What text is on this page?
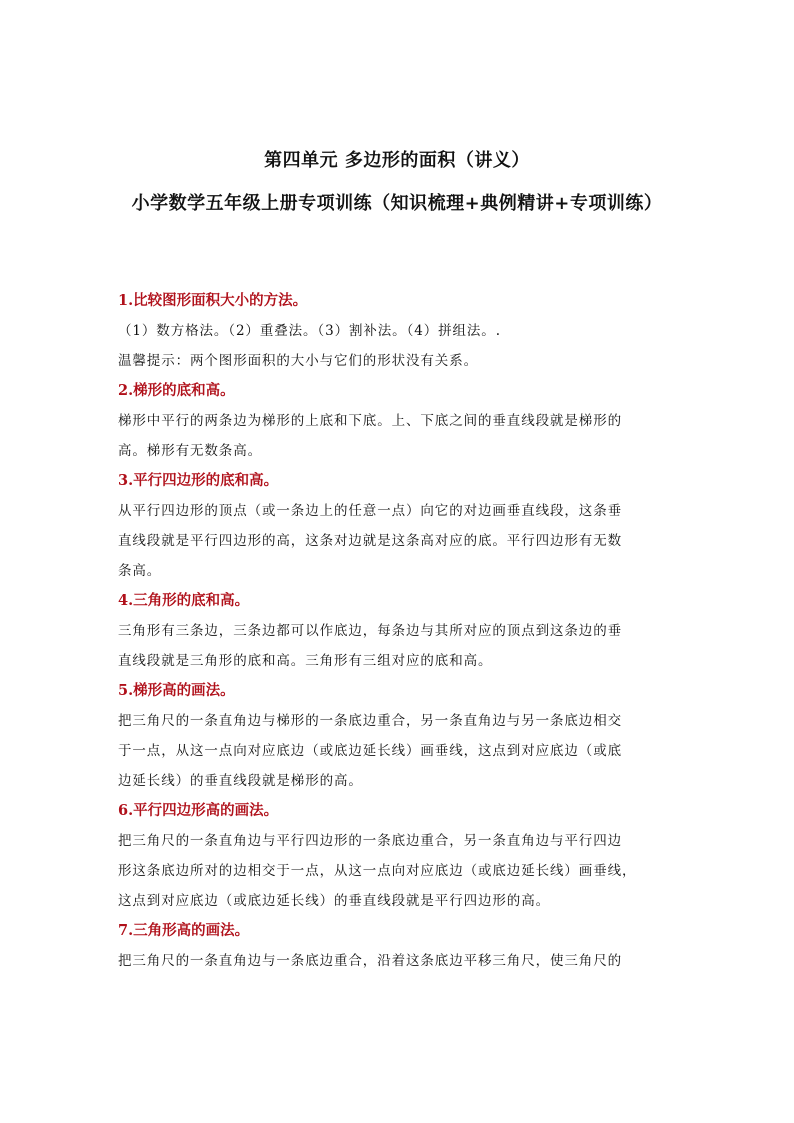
第四单元 多边形的面积（讲义）
小学数学五年级上册专项训练（知识梳理+典例精讲+专项训练）
1.比较图形面积大小的方法。

（1）数方格法。（2）重叠法。（3）割补法。（4）拼组法。.

温馨提示：两个图形面积的大小与它们的形状没有关系。

2.梯形的底和高。

梯形中平行的两条边为梯形的上底和下底。上、下底之间的垂直线段就是梯形的

高。梯形有无数条高。

3.平行四边形的底和高。

从平行四边形的顶点（或一条边上的任意一点）向它的对边画垂直线段，这条垂

直线段就是平行四边形的高，这条对边就是这条高对应的底。平行四边形有无数

条高。

4.三角形的底和高。

三角形有三条边，三条边都可以作底边，每条边与其所对应的顶点到这条边的垂

直线段就是三角形的底和高。三角形有三组对应的底和高。

5.梯形高的画法。

把三角尺的一条直角边与梯形的一条底边重合，另一条直角边与另一条底边相交

于一点，从这一点向对应底边（或底边延长线）画垂线，这点到对应底边（或底

边延长线）的垂直线段就是梯形的高。

6.平行四边形高的画法。

把三角尺的一条直角边与平行四边形的一条底边重合，另一条直角边与平行四边

形这条底边所对的边相交于一点，从这一点向对应底边（或底边延长线）画垂线，

这点到对应底边（或底边延长线）的垂直线段就是平行四边形的高。

7.三角形高的画法。

把三角尺的一条直角边与一条底边重合，沿着这条底边平移三角尺，使三角尺的
